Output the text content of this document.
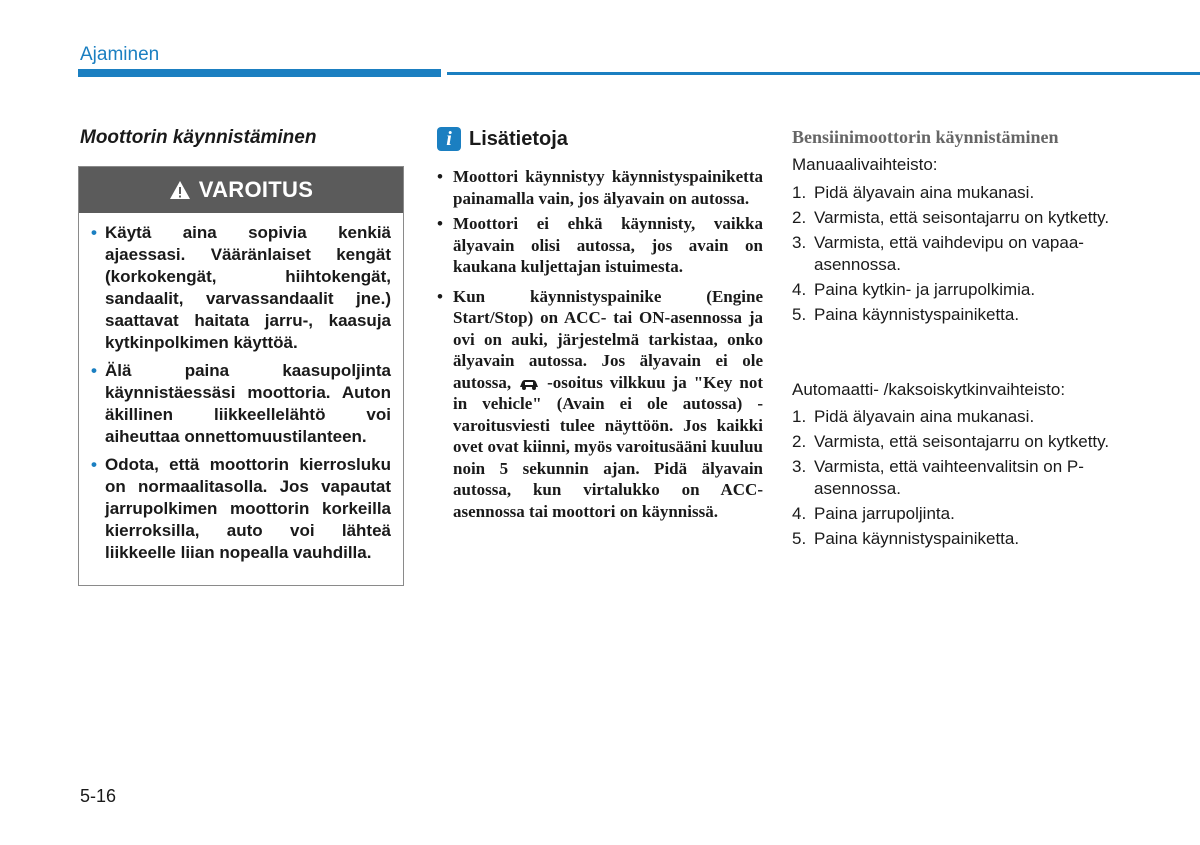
Ajaminen
Moottorin käynnistäminen
VAROITUS
• Käytä aina sopivia kenkiä ajaessasi. Vääränlaiset kengät (korkokengät, hiihtokengät, sandaalit, varvassandaalit jne.) saattavat haitata jarru-, kaasuja kytkinpolkimen käyttöä.
• Älä paina kaasupoljinta käynnistäessäsi moottoria. Auton äkillinen liikkeellelähtö voi aiheuttaa onnettomuustilanteen.
• Odota, että moottorin kierrosluku on normaalitasolla. Jos vapautat jarrupolkimen moottorin korkeilla kierroksilla, auto voi lähteä liikkeelle liian nopealla vauhdilla.
i Lisätietoja
• Moottori käynnistyy käynnistyspainiketta painamalla vain, jos älyavain on autossa.
• Moottori ei ehkä käynnisty, vaikka älyavain olisi autossa, jos avain on kaukana kuljettajan istuimesta.
• Kun käynnistyspainike (Engine Start/Stop) on ACC- tai ON-asennossa ja ovi on auki, järjestelmä tarkistaa, onko älyavain autossa. Jos älyavain ei ole autossa, -osoitus vilkkuu ja "Key not in vehicle" (Avain ei ole autossa) -varoitusviesti tulee näyttöön. Jos kaikki ovet ovat kiinni, myös varoitusääni kuuluu noin 5 sekunnin ajan. Pidä älyavain autossa, kun virtalukko on ACC-asennossa tai moottori on käynnissä.
Bensiinimoottorin käynnistäminen
Manuaalivaihteisto:
1. Pidä älyavain aina mukanasi.
2. Varmista, että seisontajarru on kytketty.
3. Varmista, että vaihdevipu on vapaa-asennossa.
4. Paina kytkin- ja jarrupolkimia.
5. Paina käynnistyspainiketta.
Automaatti- /kaksoiskytkinvaihteisto:
1. Pidä älyavain aina mukanasi.
2. Varmista, että seisontajarru on kytketty.
3. Varmista, että vaihteenvalitsin on P-asennossa.
4. Paina jarrupoljinta.
5. Paina käynnistyspainiketta.
5-16
